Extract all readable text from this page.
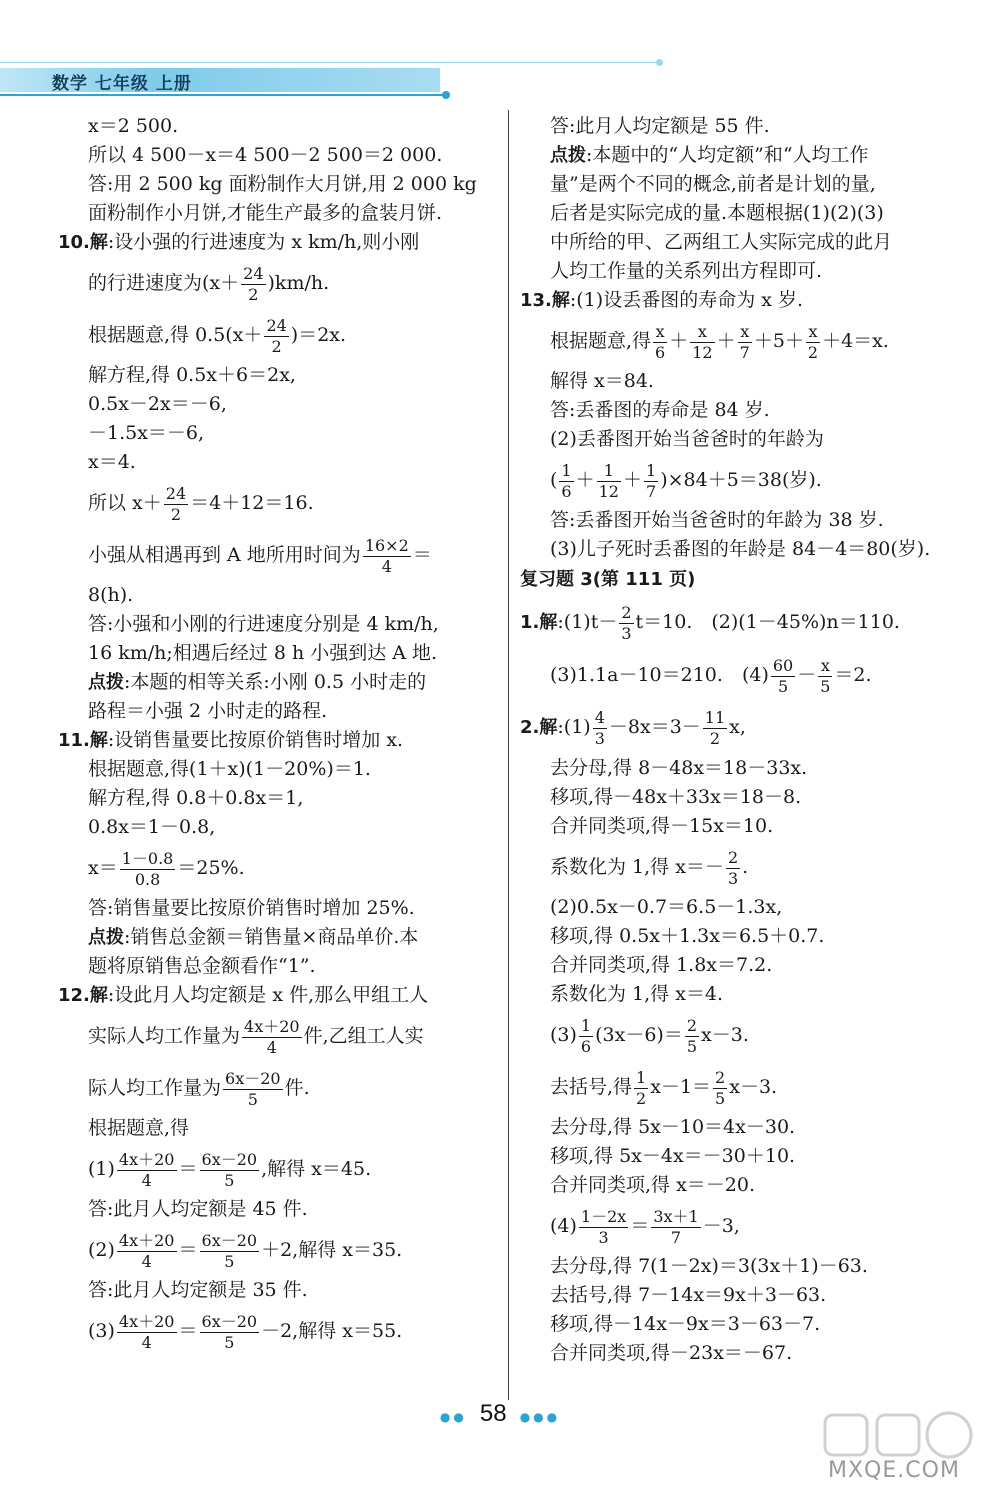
数学 七年级 上册
x＝2 500.
所以 4 500－x＝4 500－2 500＝2 000.
答:用 2 500 kg 面粉制作大月饼,用 2 000 kg
面粉制作小月饼,才能生产最多的盒装月饼.
10.解:设小强的行进速度为 x km/h,则小刚
的行进速度为$(x+ \frac{24}{2} )km/h$.
根据题意,得 $0.5(x+ \frac{24}{2} )=2x$.
解方程,得 0.5x＋6＝2x,
0.5x－2x＝－6,
－1.5x＝－6,
x＝4.
所以 $x+ \frac{24}{2} =4+12=16$.
小强从相遇再到 A 地所用时间为 $\frac{16\times 2}{4}$ ＝
8(h).
答:小强和小刚的行进速度分别是 4 km/h,
16 km/h;相遇后经过 8 h 小强到达 A 地.
点拨:本题的相等关系:小刚 0.5 小时走的
路程＝小强 2 小时走的路程.
11.解:设销售量要比按原价销售时增加 x.
根据题意,得(1＋x)(1－20%)＝1.
解方程,得 0.8＋0.8x＝1,
0.8x＝1－0.8,
$x= \frac{1-0.8}{0.8} =25\%$.
答:销售量要比按原价销售时增加 25%.
点拨:销售总金额＝销售量×商品单价.本
题将原销售总金额看作“1”.
12.解:设此月人均定额是 x 件,那么甲组工人
实际人均工作量为 $\frac{4x+20}{4}$ 件,乙组工人实
际人均工作量为 $\frac{6x-20}{5}$ 件.
根据题意,得
$(1) \frac{4x+20}{4} = \frac{6x-20}{5}$ ,解得 x＝45.
答:此月人均定额是 45 件.
$(2) \frac{4x+20}{4} = \frac{6x-20}{5} +2$,解得 x＝35.
答:此月人均定额是 35 件.
$(3) \frac{4x+20}{4} = \frac{6x-20}{5} -2$,解得 x＝55.
答:此月人均定额是 55 件.
点拨:本题中的“人均定额”和“人均工作
量”是两个不同的概念,前者是计划的量,
后者是实际完成的量.本题根据(1)(2)(3)
中所给的甲、乙两组工人实际完成的此月
人均工作量的关系列出方程即可.
13.解:(1)设丢番图的寿命为 x 岁.
根据题意,得 $\frac{x}{6} + \frac{x}{12} + \frac{x}{7} +5+ \frac{x}{2} +4=x$.
解得 x＝84.
答:丢番图的寿命是 84 岁.
(2)丢番图开始当爸爸时的年龄为
( $\frac{1}{6} + \frac{1}{12} + \frac{1}{7} )\times 84+5=38$(岁).
答:丢番图开始当爸爸时的年龄为 38 岁.
(3)儿子死时丢番图的年龄是 84－4＝80(岁).
复习题 3(第 111 页)
1.解:(1)t－ $\frac{2}{3} t=10$.　(2)(1－45%)n＝110.
(3)1.1a－10＝210.　$(4) \frac{60}{5} - \frac{x}{5} =2$.
2.解:(1) $\frac{4}{3} -8x=3- \frac{11}{2} x$,
去分母,得 8－48x＝18－33x.
移项,得－48x＋33x＝18－8.
合并同类项,得－15x＝10.
系数化为 1,得 $x=- \frac{2}{3}$ .
(2)0.5x－0.7＝6.5－1.3x,
移项,得 0.5x＋1.3x＝6.5＋0.7.
合并同类项,得 1.8x＝7.2.
系数化为 1,得 x＝4.
$(3) \frac{1}{6} (3x-6)= \frac{2}{5} x-3$.
去括号,得 $\frac{1}{2} x-1= \frac{2}{5} x-3$.
去分母,得 5x－10＝4x－30.
移项,得 5x－4x＝－30＋10.
合并同类项,得 x＝－20.
$(4) \frac{1-2x}{3} = \frac{3x+1}{7} -3$,
去分母,得 7(1－2x)＝3(3x＋1)－63.
去括号,得 7－14x＝9x＋3－63.
移项,得－14x－9x＝3－63－7.
合并同类项,得－23x＝－67.
●● 58 ●●●
MXQE.COM
